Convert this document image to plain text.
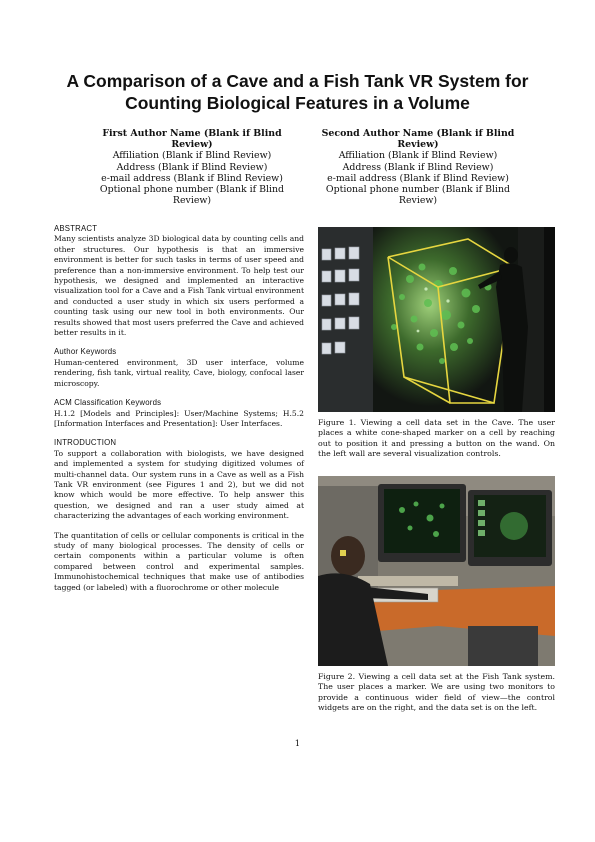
A Comparison of a Cave and a Fish Tank VR System for
Counting Biological Features in a Volume
First Author Name (Blank if Blind Review)
Affiliation (Blank if Blind Review)
Address (Blank if Blind Review)
e-mail address (Blank if Blind Review)
Optional phone number (Blank if Blind Review)
Second Author Name (Blank if Blind Review)
Affiliation (Blank if Blind Review)
Address (Blank if Blind Review)
e-mail address (Blank if Blind Review)
Optional phone number (Blank if Blind Review)

ABSTRACT

Many scientists analyze 3D biological data by counting cells and other structures. Our hypothesis is that an immersive environment is better for such tasks in terms of user speed and preference than a non-immersive environment. To help test our hypothesis, we designed and implemented an interactive visualization tool for a Cave and a Fish Tank virtual environment and conducted a user study in which six users performed a counting task using our new tool in both environments. Our results showed that most users preferred the Cave and achieved better results in it.

Author Keywords

Human-centered environment, 3D user interface, volume rendering, fish tank, virtual reality, Cave, biology, confocal laser microscopy.

ACM Classification Keywords

H.1.2 [Models and Principles]: User/Machine Systems; H.5.2 [Information Interfaces and Presentation]: User Interfaces.

INTRODUCTION

To support a collaboration with biologists, we have designed and implemented a system for studying digitized volumes of multi-channel data. Our system runs in a Cave as well as a Fish Tank VR environment (see Figures 1 and 2), but we did not know which would be more effective. To help answer this question, we designed and ran a user study aimed at characterizing the advantages of each working environment.

The quantitation of cells or cellular components is critical in the study of many biological processes. The density of cells or certain components within a particular volume is often compared between control and experimental samples. Immunohistochemical techniques that make use of antibodies tagged (or labeled) with a fluorochrome or other molecule

Figure 1. Viewing a cell data set in the Cave. The user places a white cone-shaped marker on a cell by reaching out to position it and pressing a button on the wand. On the left wall are several visualization controls.
Figure 2. Viewing a cell data set at the Fish Tank system. The user places a marker. We are using two monitors to provide a continuous wider field of view—the control widgets are on the right, and the data set is on the left.
1
